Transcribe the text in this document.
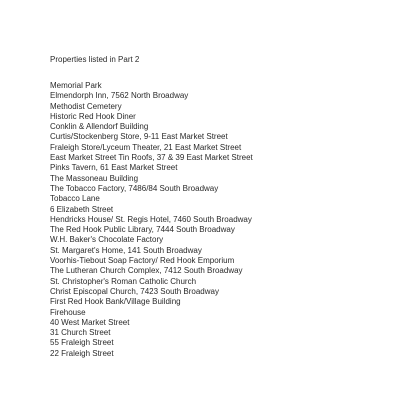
Properties listed in Part 2
Memorial Park
Elmendorph Inn, 7562 North Broadway
Methodist Cemetery
Historic Red Hook Diner
Conklin & Allendorf Building
Curtis/Stockenberg Store, 9-11 East Market Street
Fraleigh Store/Lyceum Theater, 21 East Market Street
East Market Street Tin Roofs, 37 & 39 East Market Street
Pinks Tavern, 61 East Market Street
The Massoneau Building
The Tobacco Factory, 7486/84 South Broadway
Tobacco Lane
6 Elizabeth Street
Hendricks House/ St. Regis Hotel, 7460 South Broadway
The Red Hook Public Library, 7444 South Broadway
W.H. Baker's Chocolate Factory
St. Margaret's Home, 141 South Broadway
Voorhis-Tiebout Soap Factory/ Red Hook Emporium
The Lutheran Church Complex, 7412 South Broadway
St. Christopher's Roman Catholic Church
Christ Episcopal Church, 7423 South Broadway
First Red Hook Bank/Village Building
Firehouse
40 West Market Street
31 Church Street
55 Fraleigh Street
22 Fraleigh Street
